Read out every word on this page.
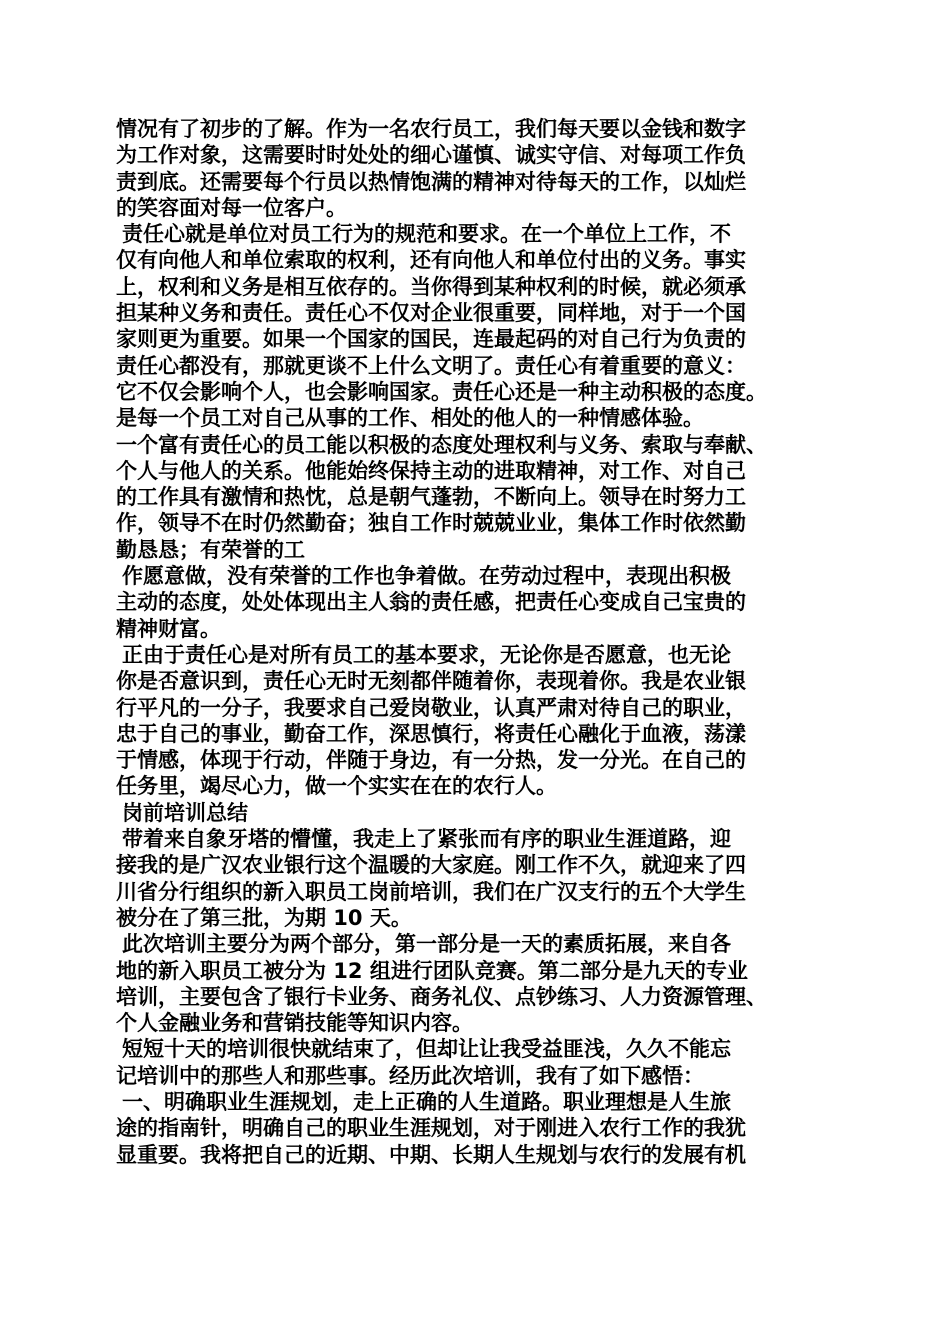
情况有了初步的了解。作为一名农行员工，我们每天要以金钱和数字
为工作对象，这需要时时处处的细心谨慎、诚实守信、对每项工作负
责到底。还需要每个行员以热情饱满的精神对待每天的工作，以灿烂
的笑容面对每一位客户。
责任心就是单位对员工行为的规范和要求。在一个单位上工作，不
仅有向他人和单位索取的权利，还有向他人和单位付出的义务。事实
上，权利和义务是相互依存的。当你得到某种权利的时候，就必须承
担某种义务和责任。责任心不仅对企业很重要，同样地，对于一个国
家则更为重要。如果一个国家的国民，连最起码的对自己行为负责的
责任心都没有，那就更谈不上什么文明了。责任心有着重要的意义：
它不仅会影响个人，也会影响国家。责任心还是一种主动积极的态度。
是每一个员工对自己从事的工作、相处的他人的一种情感体验。
一个富有责任心的员工能以积极的态度处理权利与义务、索取与奉献、
个人与他人的关系。他能始终保持主动的进取精神，对工作、对自己
的工作具有激情和热忱，总是朝气蓬勃，不断向上。领导在时努力工
作，领导不在时仍然勤奋；独自工作时兢兢业业，集体工作时依然勤
勤恳恳；有荣誉的工
作愿意做，没有荣誉的工作也争着做。在劳动过程中，表现出积极
主动的态度，处处体现出主人翁的责任感，把责任心变成自己宝贵的
精神财富。
正由于责任心是对所有员工的基本要求，无论你是否愿意，也无论
你是否意识到，责任心无时无刻都伴随着你，表现着你。我是农业银
行平凡的一分子，我要求自己爱岗敬业，认真严肃对待自己的职业，
忠于自己的事业，勤奋工作，深思慎行，将责任心融化于血液，荡漾
于情感，体现于行动，伴随于身边，有一分热，发一分光。在自己的
任务里，竭尽心力，做一个实实在在的农行人。
岗前培训总结
带着来自象牙塔的懵懂，我走上了紧张而有序的职业生涯道路，迎
接我的是广汉农业银行这个温暖的大家庭。刚工作不久，就迎来了四
川省分行组织的新入职员工岗前培训，我们在广汉支行的五个大学生
被分在了第三批，为期 10 天。
此次培训主要分为两个部分，第一部分是一天的素质拓展，来自各
地的新入职员工被分为 12 组进行团队竞赛。第二部分是九天的专业
培训，主要包含了银行卡业务、商务礼仪、点钞练习、人力资源管理、
个人金融业务和营销技能等知识内容。
短短十天的培训很快就结束了，但却让让我受益匪浅，久久不能忘
记培训中的那些人和那些事。经历此次培训，我有了如下感悟：
一、明确职业生涯规划，走上正确的人生道路。职业理想是人生旅
途的指南针，明确自己的职业生涯规划，对于刚进入农行工作的我犹
显重要。我将把自己的近期、中期、长期人生规划与农行的发展有机
